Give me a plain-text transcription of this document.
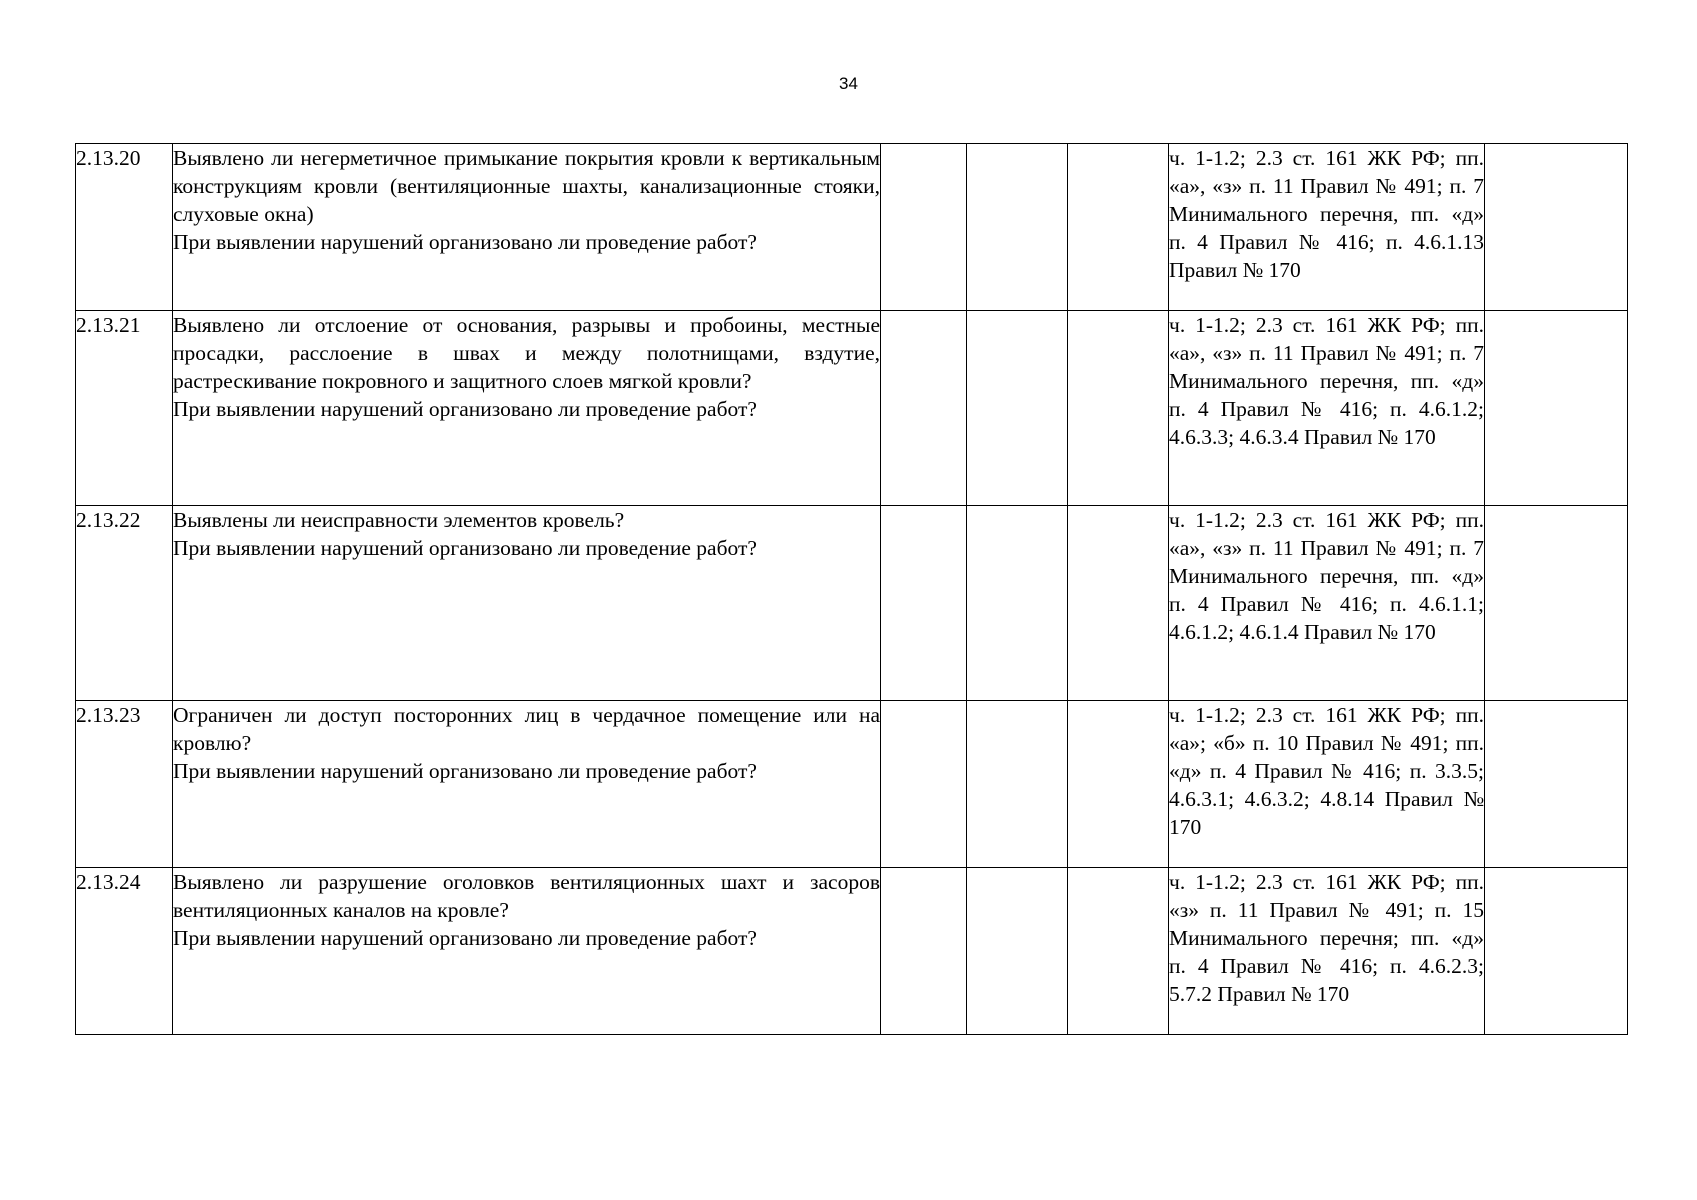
34
2.13.20	Выявлено ли негерметичное примыкание покрытия кровли к вертикальным конструкциям кровли (вентиляционные шахты, канализационные стояки, слуховые окна)

При выявлении нарушений организовано ли проведение работ?				ч. 1-1.2; 2.3 ст. 161 ЖК РФ; пп. «а», «з» п. 11 Правил № 491; п. 7 Минимального перечня, пп. «д» п. 4 Правил № 416; п. 4.6.1.13 Правил № 170	

2.13.21	Выявлено ли отслоение от основания, разрывы и пробоины, местные просадки, расслоение в швах и между полотнищами, вздутие, растрескивание покровного и защитного слоев мягкой кровли?

При выявлении нарушений организовано ли проведение работ?				ч. 1-1.2; 2.3 ст. 161 ЖК РФ; пп. «а», «з» п. 11 Правил № 491; п. 7 Минимального перечня, пп. «д» п. 4 Правил № 416; п. 4.6.1.2; 4.6.3.3; 4.6.3.4 Правил № 170	

2.13.22	Выявлены ли неисправности элементов кровель?

При выявлении нарушений организовано ли проведение работ?				ч. 1-1.2; 2.3 ст. 161 ЖК РФ; пп. «а», «з» п. 11 Правил № 491; п. 7 Минимального перечня, пп. «д» п. 4 Правил № 416; п. 4.6.1.1; 4.6.1.2; 4.6.1.4 Правил № 170	

2.13.23	Ограничен ли доступ посторонних лиц в чердачное помещение или на кровлю?

При выявлении нарушений организовано ли проведение работ?				ч. 1-1.2; 2.3 ст. 161 ЖК РФ; пп. «а»; «б» п. 10 Правил № 491; пп. «д» п. 4 Правил № 416; п. 3.3.5; 4.6.3.1; 4.6.3.2; 4.8.14 Правил № 170	

2.13.24	Выявлено ли разрушение оголовков вентиляционных шахт и засоров вентиляционных каналов на кровле?

При выявлении нарушений организовано ли проведение работ?				ч. 1-1.2; 2.3 ст. 161 ЖК РФ; пп. «з» п. 11 Правил № 491; п. 15 Минимального перечня; пп. «д» п. 4 Правил № 416; п. 4.6.2.3; 5.7.2 Правил № 170	
